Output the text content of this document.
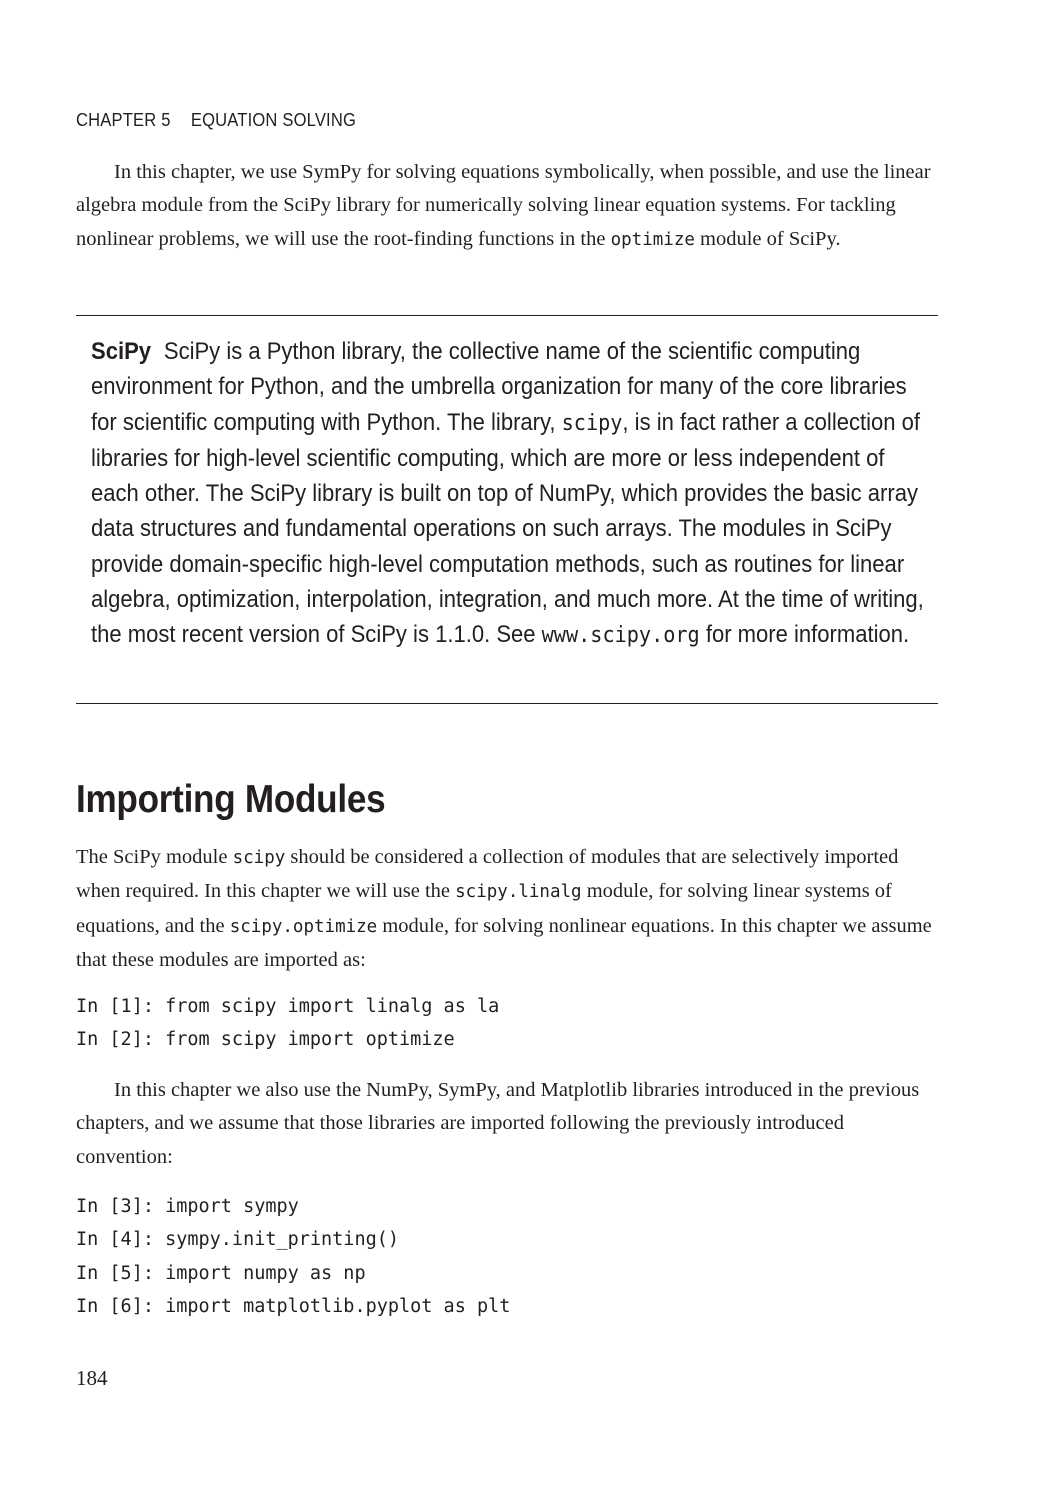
CHAPTER 5 EQUATION SOLVING

In this chapter, we use SymPy for solving equations symbolically, when possible, and use the linear algebra module from the SciPy library for numerically solving linear equation systems. For tackling nonlinear problems, we will use the root-finding functions in the optimize module of SciPy.

SciPy SciPy is a Python library, the collective name of the scientific computing environment for Python, and the umbrella organization for many of the core libraries for scientific computing with Python. The library, scipy, is in fact rather a collection of libraries for high-level scientific computing, which are more or less independent of each other. The SciPy library is built on top of NumPy, which provides the basic array data structures and fundamental operations on such arrays. The modules in SciPy provide domain-specific high-level computation methods, such as routines for linear algebra, optimization, interpolation, integration, and much more. At the time of writing, the most recent version of SciPy is 1.1.0. See www.scipy.org for more information.

Importing Modules

The SciPy module scipy should be considered a collection of modules that are selectively imported when required. In this chapter we will use the scipy.linalg module, for solving linear systems of equations, and the scipy.optimize module, for solving nonlinear equations. In this chapter we assume that these modules are imported as:

In [1]: from scipy import linalg as la
In [2]: from scipy import optimize

In this chapter we also use the NumPy, SymPy, and Matplotlib libraries introduced in the previous chapters, and we assume that those libraries are imported following the previously introduced convention:

In [3]: import sympy
In [4]: sympy.init_printing()
In [5]: import numpy as np
In [6]: import matplotlib.pyplot as plt
184
